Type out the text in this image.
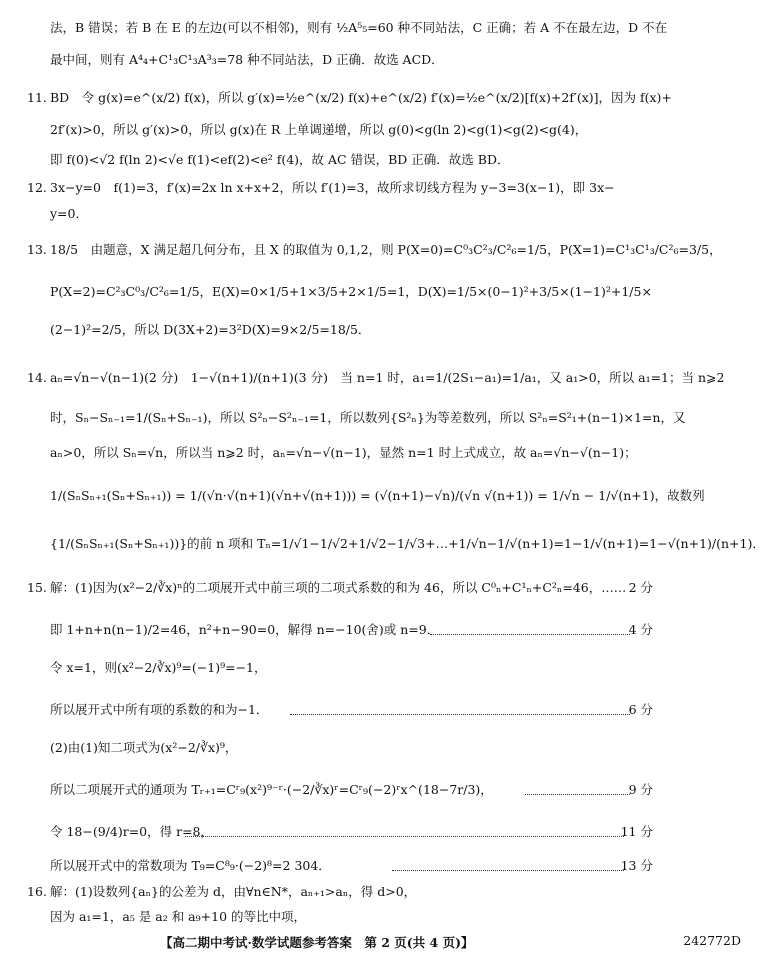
法，B 错误；若 B 在 E 的左边(可以不相邻)，则有 ½A⁵₅=60 种不同站法，C 正确；若 A 不在最左边，D 不在
最中间，则有 A⁴₄+C¹₃C¹₃A³₃=78 种不同站法，D 正确．故选 ACD．
11. BD　令 g(x)=e^(x/2) f(x)，所以 g′(x)=½e^(x/2) f(x)+e^(x/2) f′(x)=½e^(x/2)[f(x)+2f′(x)]，因为 f(x)+
2f′(x)>0，所以 g′(x)>0，所以 g(x)在 R 上单调递增，所以 g(0)<g(ln 2)<g(1)<g(2)<g(4)，
即 f(0)<√2 f(ln 2)<√e f(1)<ef(2)<e² f(4)，故 AC 错误，BD 正确．故选 BD．
12. 3x−y=0　f(1)=3，f′(x)=2x ln x+x+2，所以 f′(1)=3，故所求切线方程为 y−3=3(x−1)，即 3x−
y=0．
13. 18/5　由题意，X 满足超几何分布，且 X 的取值为 0,1,2，则 P(X=0)=C⁰₃C²₃/C²₆=1/5，P(X=1)=C¹₃C¹₃/C²₆=3/5，
P(X=2)=C²₃C⁰₃/C²₆=1/5，E(X)=0×1/5+1×3/5+2×1/5=1，D(X)=1/5×(0−1)²+3/5×(1−1)²+1/5×
(2−1)²=2/5，所以 D(3X+2)=3²D(X)=9×2/5=18/5．
14. aₙ=√n−√(n−1)(2 分)　1−√(n+1)/(n+1)(3 分)　当 n=1 时，a₁=1/(2S₁−a₁)=1/a₁，又 a₁>0，所以 a₁=1；当 n⩾2
时，Sₙ−Sₙ₋₁=1/(Sₙ+Sₙ₋₁)，所以 S²ₙ−S²ₙ₋₁=1，所以数列{S²ₙ}为等差数列，所以 S²ₙ=S²₁+(n−1)×1=n，又
aₙ>0，所以 Sₙ=√n，所以当 n⩾2 时，aₙ=√n−√(n−1)，显然 n=1 时上式成立，故 aₙ=√n−√(n−1)；
1/(SₙSₙ₊₁(Sₙ+Sₙ₊₁)) = 1/(√n·√(n+1)(√n+√(n+1))) = (√(n+1)−√n)/(√n √(n+1)) = 1/√n − 1/√(n+1)，故数列
{1/(SₙSₙ₊₁(Sₙ+Sₙ₊₁))}的前 n 项和 Tₙ=1/√1−1/√2+1/√2−1/√3+…+1/√n−1/√(n+1)=1−1/√(n+1)=1−√(n+1)/(n+1)．
15. 解：(1)因为(x²−2/∛x)ⁿ的二项展开式中前三项的二项式系数的和为 46，所以 C⁰ₙ+C¹ₙ+C²ₙ=46，…… 2 分
即 1+n+n(n−1)/2=46，n²+n−90=0，解得 n=−10(舍)或 n=9．	4 分
令 x=1，则(x²−2/∛x)⁹=(−1)⁹=−1，
所以展开式中所有项的系数的和为−1．	6 分
(2)由(1)知二项式为(x²−2/∛x)⁹，
所以二项展开式的通项为 Tᵣ₊₁=Cʳ₉(x²)⁹⁻ʳ·(−2/∛x)ʳ=Cʳ₉(−2)ʳx^(18−7r/3)，	9 分
令 18−(9/4)r=0，得 r=8，	11 分
所以展开式中的常数项为 T₉=C⁸₉·(−2)⁸=2 304．	13 分
16. 解：(1)设数列{aₙ}的公差为 d，由∀n∈N*，aₙ₊₁>aₙ，得 d>0，
因为 a₁=1，a₅ 是 a₂ 和 a₉+10 的等比中项，
【高二期中考试·数学试题参考答案　第 2 页(共 4 页)】	242772D
